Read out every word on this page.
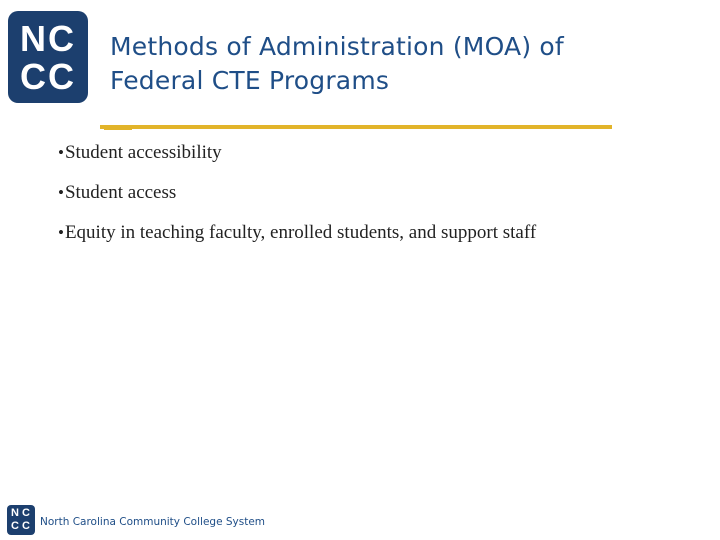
N C
C C
Methods of Administration (MOA) of
Federal CTE Programs
•Student accessibility
•Student access
•Equity in teaching faculty, enrolled students, and support staff
N C
C C North Carolina Community College System
